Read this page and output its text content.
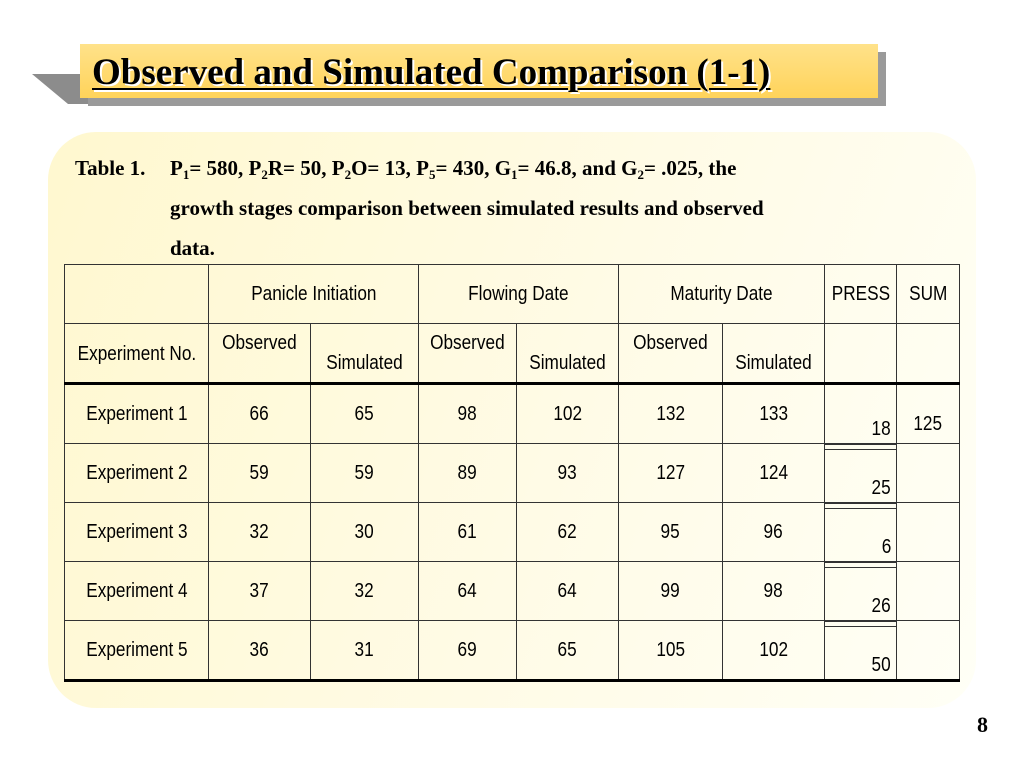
Observed and Simulated Comparison (1-1)
Table 1. $P_1= 580$, $P_2R= 50$, $P_2O= 13$, $P_5= 430$, $G_1= 46.8$, and $G_2= .025$, the
growth stages comparison between simulated results and observed
data.
	Panicle Initiation		Flowing Date		Maturity Date		PRESS	SUM
Experiment No.	Observed	Simulated	Observed	Simulated	Observed	Simulated		
Experiment 1	66	65	98	102	132	133	18	125
Experiment 2	59	59	89	93	127	124	25	

Experiment 3	32	30	61	62	95	96	6	

Experiment 4	37	32	64	64	99	98	26	

Experiment 5	36	31	69	65	105	102	50	

8
